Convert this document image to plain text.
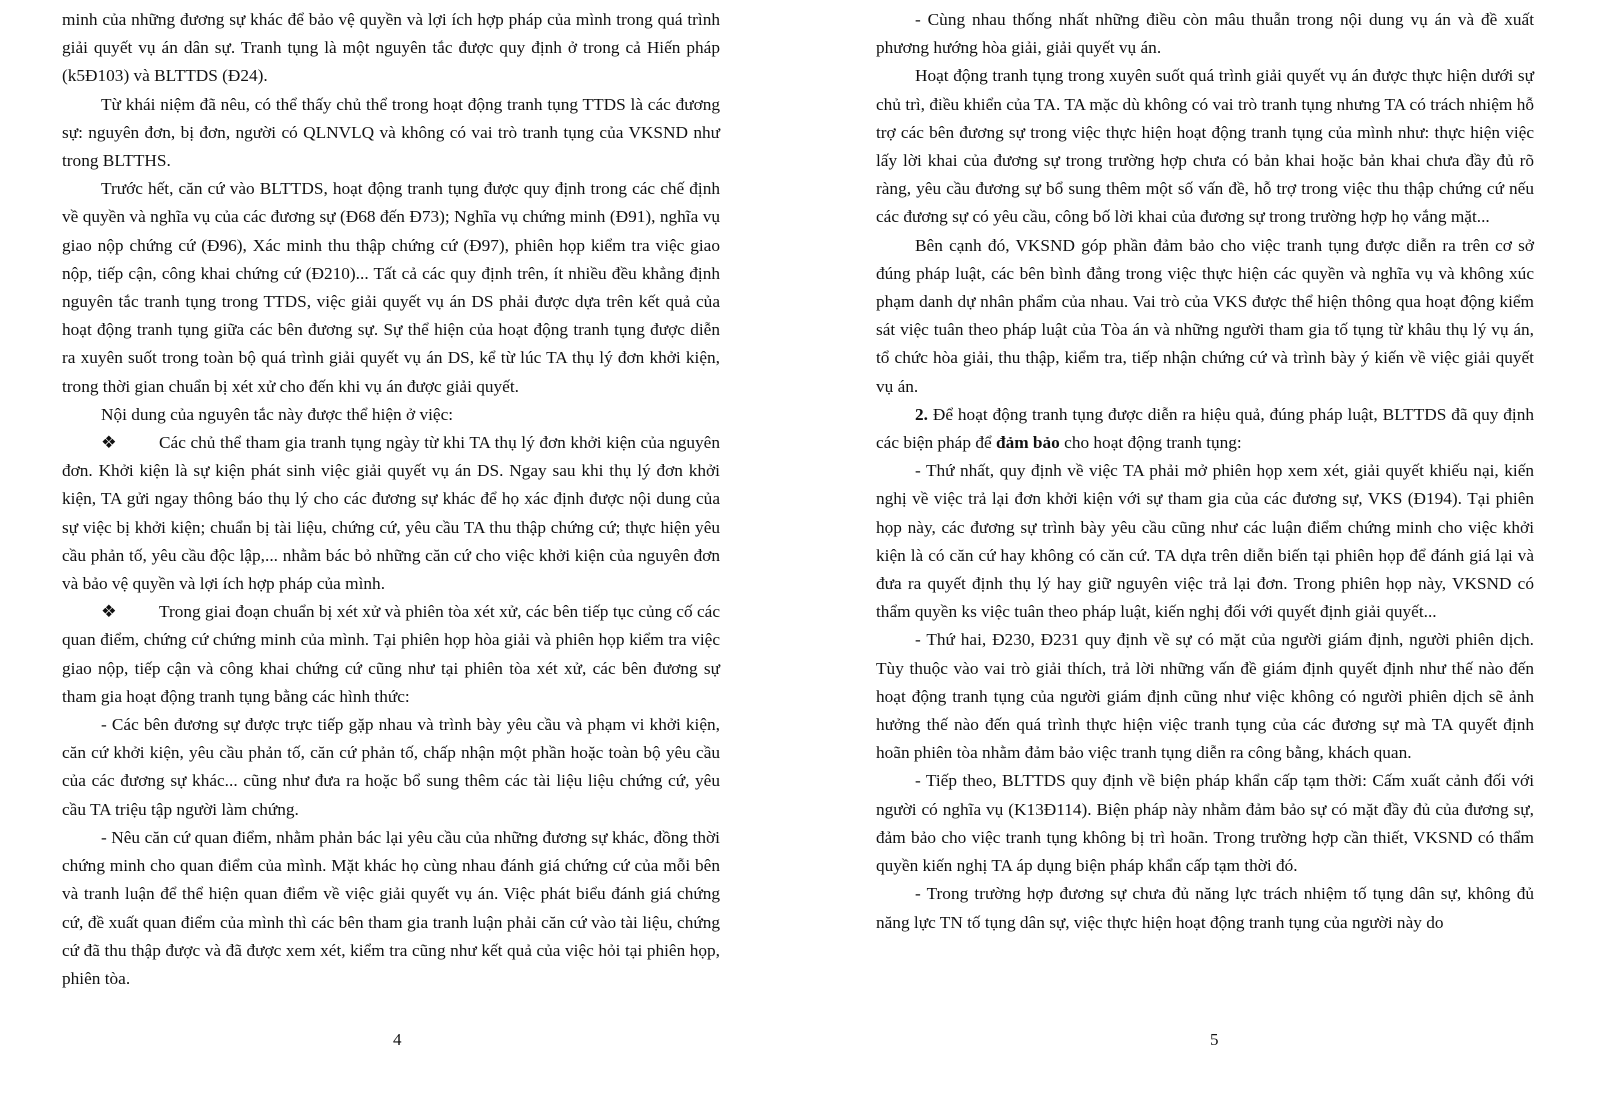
minh của những đương sự khác để bảo vệ quyền và lợi ích hợp pháp của mình trong quá trình giải quyết vụ án dân sự. Tranh tụng là một nguyên tắc được quy định ở trong cả Hiến pháp (k5Đ103) và BLTTDS (Đ24).

Từ khái niệm đã nêu, có thể thấy chủ thể trong hoạt động tranh tụng TTDS là các đương sự: nguyên đơn, bị đơn, người có QLNVLQ và không có vai trò tranh tụng của VKSND như trong BLTTHS.

Trước hết, căn cứ vào BLTTDS, hoạt động tranh tụng được quy định trong các chế định về quyền và nghĩa vụ của các đương sự (Đ68 đến Đ73); Nghĩa vụ chứng minh (Đ91), nghĩa vụ giao nộp chứng cứ (Đ96), Xác minh thu thập chứng cứ (Đ97), phiên họp kiểm tra việc giao nộp, tiếp cận, công khai chứng cứ (Đ210)... Tất cả các quy định trên, ít nhiều đều khẳng định nguyên tắc tranh tụng trong TTDS, việc giải quyết vụ án DS phải được dựa trên kết quả của hoạt động tranh tụng giữa các bên đương sự. Sự thể hiện của hoạt động tranh tụng được diễn ra xuyên suốt trong toàn bộ quá trình giải quyết vụ án DS, kể từ lúc TA thụ lý đơn khởi kiện, trong thời gian chuẩn bị xét xử cho đến khi vụ án được giải quyết.

Nội dung của nguyên tắc này được thể hiện ở việc:

❖ Các chủ thể tham gia tranh tụng ngày từ khi TA thụ lý đơn khởi kiện của nguyên đơn. Khởi kiện là sự kiện phát sinh việc giải quyết vụ án DS. Ngay sau khi thụ lý đơn khởi kiện, TA gửi ngay thông báo thụ lý cho các đương sự khác để họ xác định được nội dung của sự việc bị khởi kiện; chuẩn bị tài liệu, chứng cứ, yêu cầu TA thu thập chứng cứ; thực hiện yêu cầu phản tố, yêu cầu độc lập,... nhằm bác bỏ những căn cứ cho việc khởi kiện của nguyên đơn và bảo vệ quyền và lợi ích hợp pháp của mình.

❖ Trong giai đoạn chuẩn bị xét xử và phiên tòa xét xử, các bên tiếp tục củng cố các quan điểm, chứng cứ chứng minh của mình. Tại phiên họp hòa giải và phiên họp kiểm tra việc giao nộp, tiếp cận và công khai chứng cứ cũng như tại phiên tòa xét xử, các bên đương sự tham gia hoạt động tranh tụng bằng các hình thức:

- Các bên đương sự được trực tiếp gặp nhau và trình bày yêu cầu và phạm vi khởi kiện, căn cứ khởi kiện, yêu cầu phản tố, căn cứ phản tố, chấp nhận một phần hoặc toàn bộ yêu cầu của các đương sự khác... cũng như đưa ra hoặc bổ sung thêm các tài liệu liệu chứng cứ, yêu cầu TA triệu tập người làm chứng.

- Nêu căn cứ quan điểm, nhằm phản bác lại yêu cầu của những đương sự khác, đồng thời chứng minh cho quan điểm của mình. Mặt khác họ cùng nhau đánh giá chứng cứ của mỗi bên và tranh luận để thể hiện quan điểm về việc giải quyết vụ án. Việc phát biểu đánh giá chứng cứ, đề xuất quan điểm của mình thì các bên tham gia tranh luận phải căn cứ vào tài liệu, chứng cứ đã thu thập được và đã được xem xét, kiểm tra cũng như kết quả của việc hỏi tại phiên họp, phiên tòa.

4

- Cùng nhau thống nhất những điều còn mâu thuẫn trong nội dung vụ án và đề xuất phương hướng hòa giải, giải quyết vụ án.

Hoạt động tranh tụng trong xuyên suốt quá trình giải quyết vụ án được thực hiện dưới sự chủ trì, điều khiển của TA. TA mặc dù không có vai trò tranh tụng nhưng TA có trách nhiệm hỗ trợ các bên đương sự trong việc thực hiện hoạt động tranh tụng của mình như: thực hiện việc lấy lời khai của đương sự trong trường hợp chưa có bản khai hoặc bản khai chưa đầy đủ rõ ràng, yêu cầu đương sự bổ sung thêm một số vấn đề, hỗ trợ trong việc thu thập chứng cứ nếu các đương sự có yêu cầu, công bố lời khai của đương sự trong trường hợp họ vắng mặt...

Bên cạnh đó, VKSND góp phần đảm bảo cho việc tranh tụng được diễn ra trên cơ sở đúng pháp luật, các bên bình đẳng trong việc thực hiện các quyền và nghĩa vụ và không xúc phạm danh dự nhân phẩm của nhau. Vai trò của VKS được thể hiện thông qua hoạt động kiểm sát việc tuân theo pháp luật của Tòa án và những người tham gia tố tụng từ khâu thụ lý vụ án, tổ chức hòa giải, thu thập, kiểm tra, tiếp nhận chứng cứ và trình bày ý kiến về việc giải quyết vụ án.

2. Để hoạt động tranh tụng được diễn ra hiệu quả, đúng pháp luật, BLTTDS đã quy định các biện pháp để đảm bảo cho hoạt động tranh tụng:

- Thứ nhất, quy định về việc TA phải mở phiên họp xem xét, giải quyết khiếu nại, kiến nghị về việc trả lại đơn khởi kiện với sự tham gia của các đương sự, VKS (Đ194). Tại phiên họp này, các đương sự trình bày yêu cầu cũng như các luận điểm chứng minh cho việc khởi kiện là có căn cứ hay không có căn cứ. TA dựa trên diễn biến tại phiên họp để đánh giá lại và đưa ra quyết định thụ lý hay giữ nguyên việc trả lại đơn. Trong phiên họp này, VKSND có thẩm quyền ks việc tuân theo pháp luật, kiến nghị đối với quyết định giải quyết...

- Thứ hai, Đ230, Đ231 quy định về sự có mặt của người giám định, người phiên dịch. Tùy thuộc vào vai trò giải thích, trả lời những vấn đề giám định quyết định như thế nào đến hoạt động tranh tụng của người giám định cũng như việc không có người phiên dịch sẽ ảnh hưởng thế nào đến quá trình thực hiện việc tranh tụng của các đương sự mà TA quyết định hoãn phiên tòa nhằm đảm bảo việc tranh tụng diễn ra công bằng, khách quan.

- Tiếp theo, BLTTDS quy định về biện pháp khẩn cấp tạm thời: Cấm xuất cảnh đối với người có nghĩa vụ (K13Đ114). Biện pháp này nhằm đảm bảo sự có mặt đầy đủ của đương sự, đảm bảo cho việc tranh tụng không bị trì hoãn. Trong trường hợp cần thiết, VKSND có thẩm quyền kiến nghị TA áp dụng biện pháp khẩn cấp tạm thời đó.

- Trong trường hợp đương sự chưa đủ năng lực trách nhiệm tố tụng dân sự, không đủ năng lực TN tố tụng dân sự, việc thực hiện hoạt động tranh tụng của người này do

5
